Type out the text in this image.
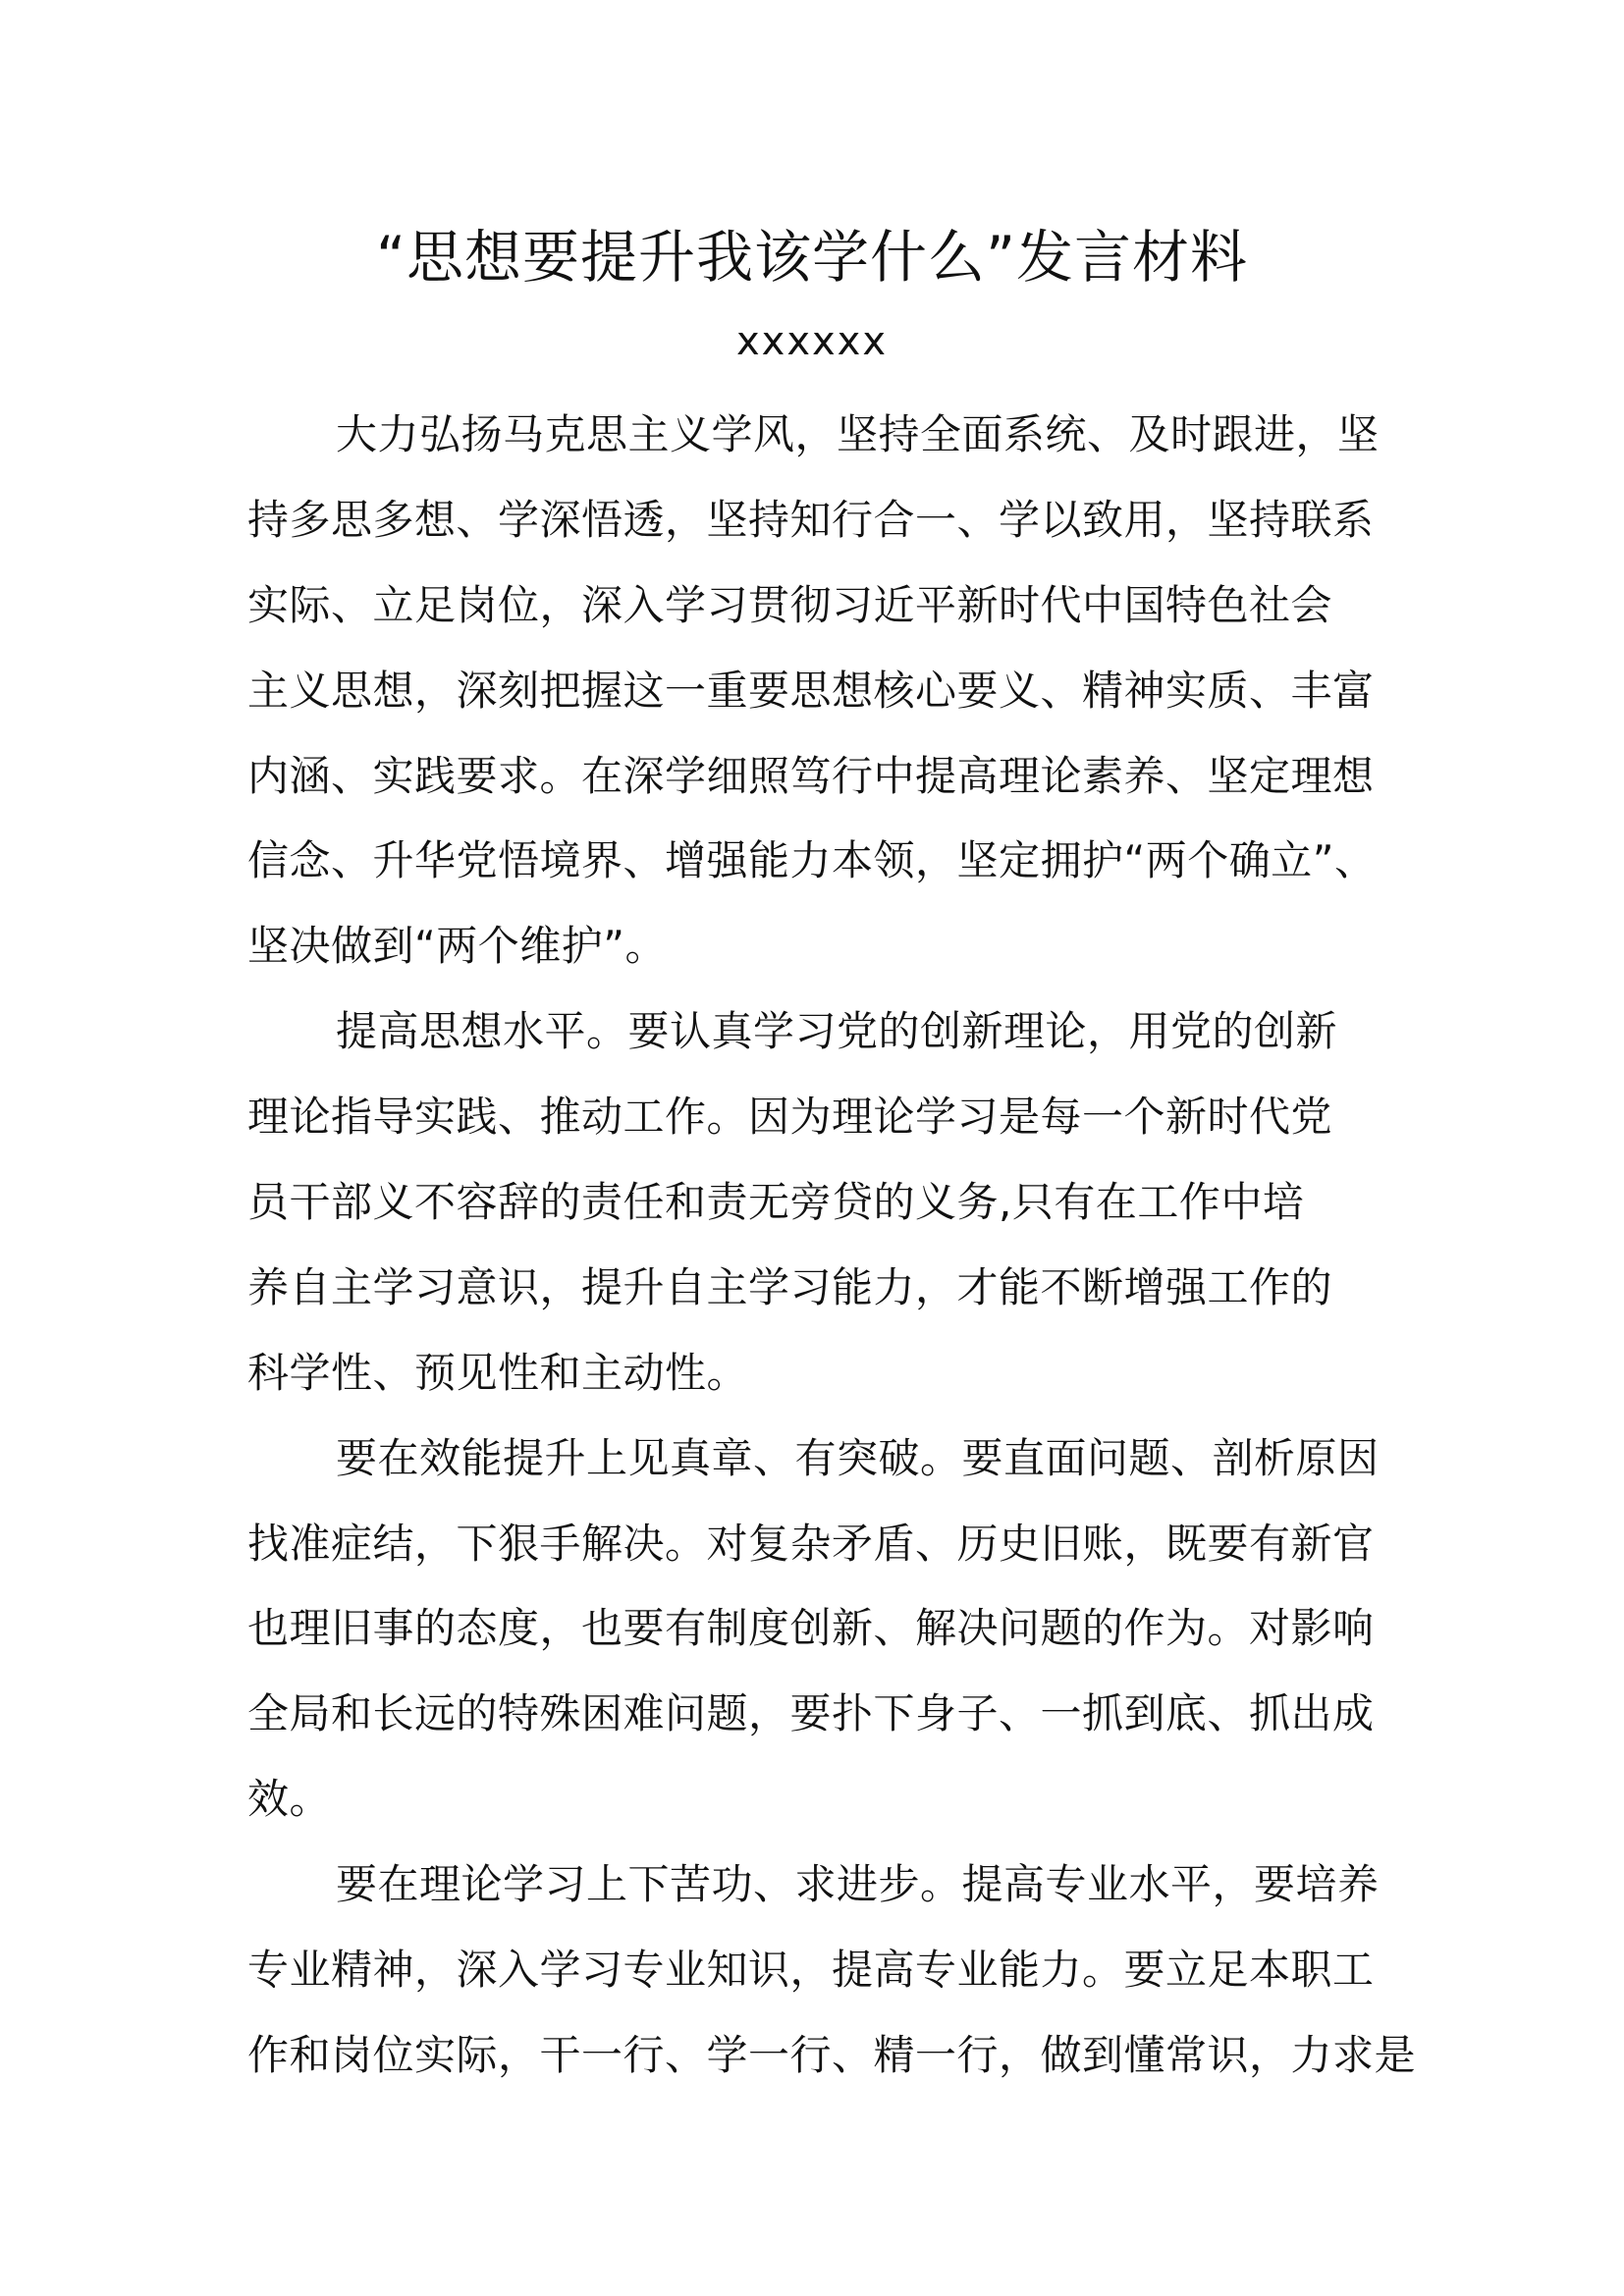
“思想要提升我该学什么”发言材料
xxxxxx

大力弘扬马克思主义学风，坚持全面系统、及时跟进，坚

持多思多想、学深悟透，坚持知行合一、学以致用，坚持联系

实际、立足岗位，深入学习贯彻习近平新时代中国特色社会

主义思想，深刻把握这一重要思想核心要义、精神实质、丰富

内涵、实践要求。在深学细照笃行中提高理论素养、坚定理想

信念、升华党悟境界、增强能力本领，坚定拥护“两个确立”、

坚决做到“两个维护”。

提高思想水平。要认真学习党的创新理论，用党的创新

理论指导实践、推动工作。因为理论学习是每一个新时代党

员干部义不容辞的责任和责无旁贷的义务,只有在工作中培

养自主学习意识，提升自主学习能力，才能不断增强工作的

科学性、预见性和主动性。

要在效能提升上见真章、有突破。要直面问题、剖析原因

找准症结，下狠手解决。对复杂矛盾、历史旧账，既要有新官

也理旧事的态度，也要有制度创新、解决问题的作为。对影响

全局和长远的特殊困难问题，要扑下身子、一抓到底、抓出成

效。

要在理论学习上下苦功、求进步。提高专业水平，要培养

专业精神，深入学习专业知识，提高专业能力。要立足本职工

作和岗位实际，干一行、学一行、精一行，做到懂常识，力求是
